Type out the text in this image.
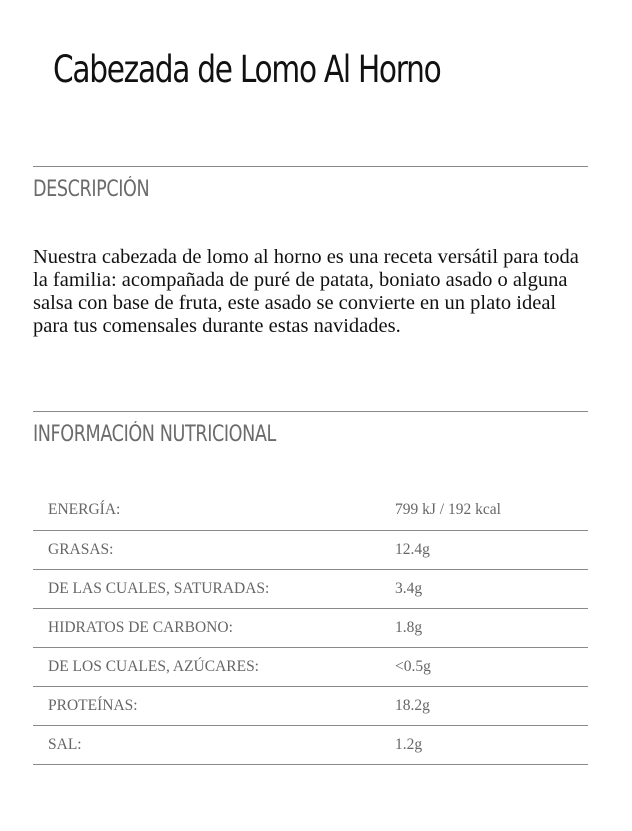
Cabezada de Lomo Al Horno
DESCRIPCIÓN

Nuestra cabezada de lomo al horno es una receta versátil para toda la familia: acompañada de puré de patata, boniato asado o alguna salsa con base de fruta, este asado se convierte en un plato ideal para tus comensales durante estas navidades.

INFORMACIÓN NUTRICIONAL
ENERGÍA:	799 kJ / 192 kcal
GRASAS:	12.4g
DE LAS CUALES, SATURADAS:	3.4g
HIDRATOS DE CARBONO:	1.8g
DE LOS CUALES, AZÚCARES:	<0.5g
PROTEÍNAS:	18.2g
SAL:	1.2g
